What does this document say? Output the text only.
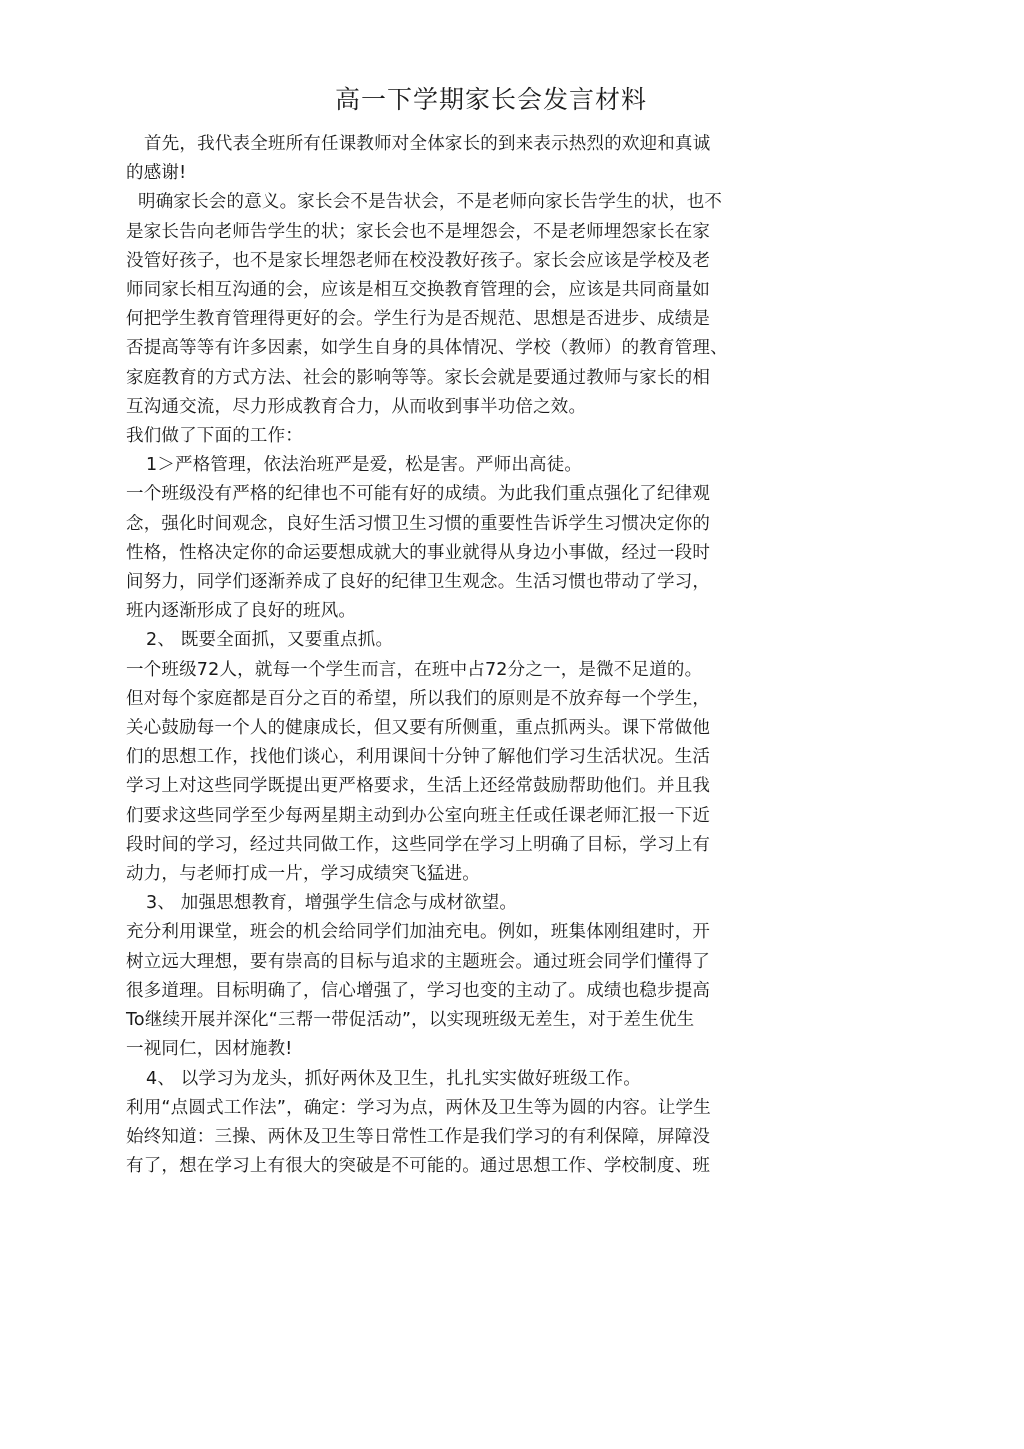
高一下学期家长会发言材料
首先，我代表全班所有任课教师对全体家长的到来表示热烈的欢迎和真诚
的感谢!
明确家长会的意义。家长会不是告状会，不是老师向家长告学生的状，也不
是家长告向老师告学生的状；家长会也不是埋怨会，不是老师埋怨家长在家
没管好孩子，也不是家长埋怨老师在校没教好孩子。家长会应该是学校及老
师同家长相互沟通的会，应该是相互交换教育管理的会，应该是共同商量如
何把学生教育管理得更好的会。学生行为是否规范、思想是否进步、成绩是
否提高等等有许多因素，如学生自身的具体情况、学校（教师）的教育管理、
家庭教育的方式方法、社会的影响等等。家长会就是要通过教师与家长的相
互沟通交流，尽力形成教育合力，从而收到事半功倍之效。
我们做了下面的工作：
1＞严格管理，依法治班严是爱，松是害。严师出高徒。
一个班级没有严格的纪律也不可能有好的成绩。为此我们重点强化了纪律观
念，强化时间观念，良好生活习惯卫生习惯的重要性告诉学生习惯决定你的
性格，性格决定你的命运要想成就大的事业就得从身边小事做，经过一段时
间努力，同学们逐渐养成了良好的纪律卫生观念。生活习惯也带动了学习，
班内逐渐形成了良好的班风。
2、 既要全面抓，又要重点抓。
一个班级72人，就每一个学生而言，在班中占72分之一，是微不足道的。
但对每个家庭都是百分之百的希望，所以我们的原则是不放弃每一个学生，
关心鼓励每一个人的健康成长，但又要有所侧重，重点抓两头。课下常做他
们的思想工作，找他们谈心，利用课间十分钟了解他们学习生活状况。生活
学习上对这些同学既提出更严格要求，生活上还经常鼓励帮助他们。并且我
们要求这些同学至少每两星期主动到办公室向班主任或任课老师汇报一下近
段时间的学习，经过共同做工作，这些同学在学习上明确了目标，学习上有
动力，与老师打成一片，学习成绩突飞猛进。
3、 加强思想教育，增强学生信念与成材欲望。
充分利用课堂，班会的机会给同学们加油充电。例如，班集体刚组建时，开
树立远大理想，要有崇高的目标与追求的主题班会。通过班会同学们懂得了
很多道理。目标明确了，信心增强了，学习也变的主动了。成绩也稳步提高
To继续开展并深化“三帮一带促活动”，以实现班级无差生，对于差生优生
一视同仁，因材施教!
4、 以学习为龙头，抓好两休及卫生，扎扎实实做好班级工作。
利用“点圆式工作法”，确定：学习为点，两休及卫生等为圆的内容。让学生
始终知道：三操、两休及卫生等日常性工作是我们学习的有利保障，屏障没
有了，想在学习上有很大的突破是不可能的。通过思想工作、学校制度、班
